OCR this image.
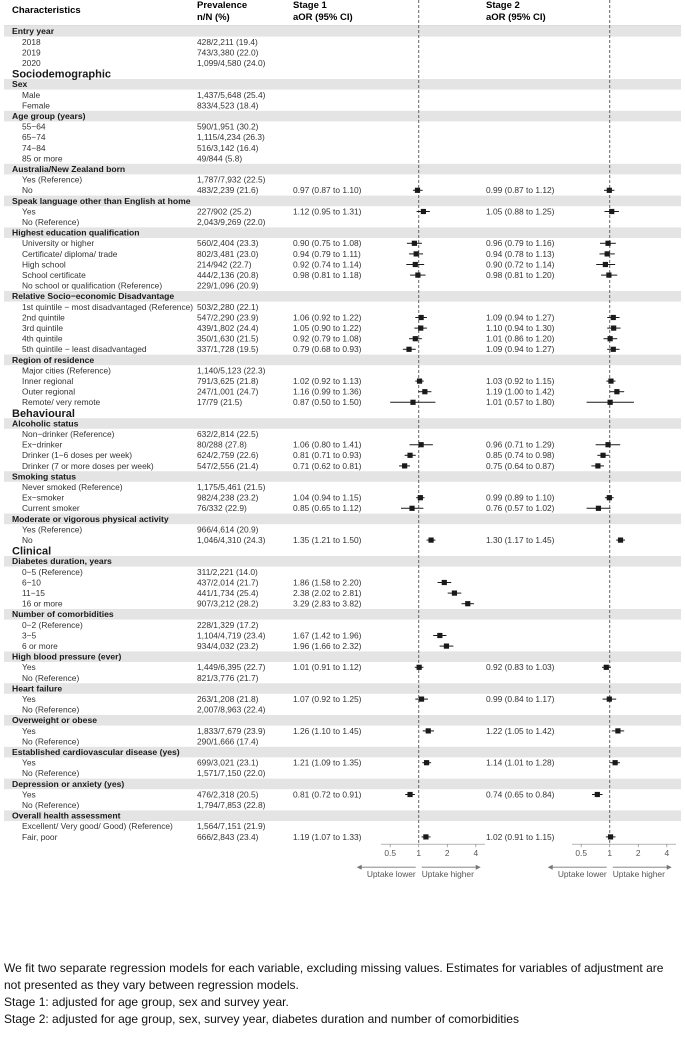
Characteristics	Prevalence
n/N (%)
Stage 1
aOR (95% CI)
Stage 2
aOR (95% CI)
Entry year
2018	428/2,211 (19.4)
2019	743/3,380 (22.0)
2020	1,099/4,580 (24.0)
Sociodemographic
Sex
Male	1,437/5,648 (25.4)
Female	833/4,523 (18.4)
Age group (years)
55−64	590/1,951 (30.2)
65−74	1,115/4,234 (26.3)
74−84	516/3,142 (16.4)
85 or more	49/844 (5.8)
Australia/New Zealand born
Yes (Reference)	1,787/7,932 (22.5)
No	483/2,239 (21.6)	0.97 (0.87 to 1.10)	0.99 (0.87 to 1.12)
Speak language other than English at home
Yes	227/902 (25.2)	1.12 (0.95 to 1.31)	1.05 (0.88 to 1.25)
No (Reference)	2,043/9,269 (22.0)
Highest education qualification
University or higher	560/2,404 (23.3)	0.90 (0.75 to 1.08)	0.96 (0.79 to 1.16)
Certificate/ diploma/ trade	802/3,481 (23.0)	0.94 (0.79 to 1.11)	0.94 (0.78 to 1.13)
High school	214/942 (22.7)	0.92 (0.74 to 1.14)	0.90 (0.72 to 1.14)
School certificate	444/2,136 (20.8)	0.98 (0.81 to 1.18)	0.98 (0.81 to 1.20)
No school or qualification (Reference)	229/1,096 (20.9)
Relative Socio−economic Disadvantage
1st quintile − most disadvantaged (Reference) 503/2,280 (22.1)
2nd quintile	547/2,290 (23.9)	1.06 (0.92 to 1.22)	1.09 (0.94 to 1.27)
3rd quintile	439/1,802 (24.4)	1.05 (0.90 to 1.22)	1.10 (0.94 to 1.30)
4th quintile	350/1,630 (21.5)	0.92 (0.79 to 1.08)	1.01 (0.86 to 1.20)
5th quintile − least disadvantaged	337/1,728 (19.5)	0.79 (0.68 to 0.93)	1.09 (0.94 to 1.27)
Region of residence
Major cities (Reference)	1,140/5,123 (22.3)
Inner regional	791/3,625 (21.8)	1.02 (0.92 to 1.13)	1.03 (0.92 to 1.15)
Outer regional	247/1,001 (24.7)	1.16 (0.99 to 1.36)	1.19 (1.00 to 1.42)
Remote/ very remote	17/79 (21.5)	0.87 (0.50 to 1.50)	1.01 (0.57 to 1.80)
Behavioural
Alcoholic status
Non−drinker (Reference)	632/2,814 (22.5)
Ex−drinker	80/288 (27.8)	1.06 (0.80 to 1.41)	0.96 (0.71 to 1.29)
Drinker (1−6 doses per week)	624/2,759 (22.6)	0.81 (0.71 to 0.93)	0.85 (0.74 to 0.98)
Drinker (7 or more doses per week)	547/2,556 (21.4)	0.71 (0.62 to 0.81)	0.75 (0.64 to 0.87)
Smoking status
Never smoked (Reference)	1,175/5,461 (21.5)
Ex−smoker	982/4,238 (23.2)	1.04 (0.94 to 1.15)	0.99 (0.89 to 1.10)
Current smoker	76/332 (22.9)	0.85 (0.65 to 1.12)	0.76 (0.57 to 1.02)
Moderate or vigorous physical activity
Yes (Reference)	966/4,614 (20.9)
No	1,046/4,310 (24.3)	1.35 (1.21 to 1.50)	1.30 (1.17 to 1.45)
Clinical
Diabetes duration, years
0−5 (Reference)	311/2,221 (14.0)
6−10	437/2,014 (21.7)	1.86 (1.58 to 2.20)
11−15	441/1,734 (25.4)	2.38 (2.02 to 2.81)
16 or more	907/3,212 (28.2)	3.29 (2.83 to 3.82)
Number of comorbidities
0−2 (Reference)	228/1,329 (17.2)
3−5	1,104/4,719 (23.4)	1.67 (1.42 to 1.96)
6 or more	934/4,032 (23.2)	1.96 (1.66 to 2.32)
High blood pressure (ever)
Yes	1,449/6,395 (22.7)	1.01 (0.91 to 1.12)	0.92 (0.83 to 1.03)
No (Reference)	821/3,776 (21.7)
Heart failure
Yes	263/1,208 (21.8)	1.07 (0.92 to 1.25)	0.99 (0.84 to 1.17)
No (Reference)	2,007/8,963 (22.4)
Overweight or obese
Yes	1,833/7,679 (23.9)	1.26 (1.10 to 1.45)	1.22 (1.05 to 1.42)
No (Reference)	290/1,666 (17.4)
Established cardiovascular disease (yes)
Yes	699/3,021 (23.1)	1.21 (1.09 to 1.35)	1.14 (1.01 to 1.28)
No (Reference)	1,571/7,150 (22.0)
Depression or anxiety (yes)
Yes	476/2,318 (20.5)	0.81 (0.72 to 0.91)	0.74 (0.65 to 0.84)
No (Reference)	1,794/7,853 (22.8)
Overall health assessment
Excellent/ Very good/ Good) (Reference)	1,564/7,151 (21.9)
Fair, poor	666/2,843 (23.4)	1.19 (1.07 to 1.33)	1.02 (0.91 to 1.15)
0.5 1	2	4
Uptake lower Uptake higher
0.5 1	2	4
Uptake lower Uptake higher
We fit two separate regression models for each variable, excluding missing values. Estimates for variables of adjustment are not presented as they vary between regression models.
Stage 1: adjusted for age group, sex and survey year.
Stage 2: adjusted for age group, sex, survey year, diabetes duration and number of comorbidities
